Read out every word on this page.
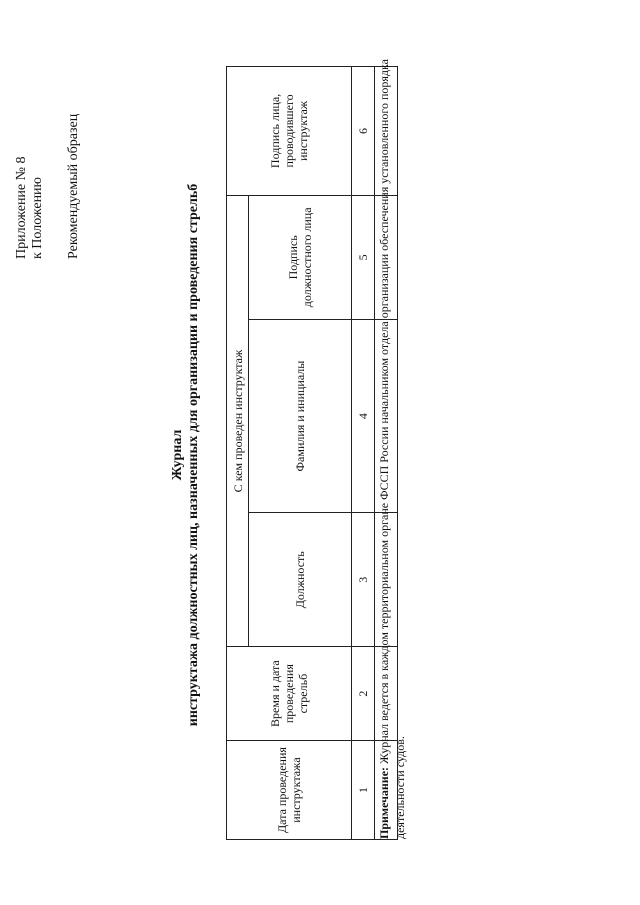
Приложение № 8 к Положению Рекомендуемый образец
Журнал инструктажа должностных лиц, назначенных для организации и проведения стрельб
Дата проведения инструктажа	Время и дата проведения стрельб	С кем проведен инструктаж			Подпись лица, проводившего инструктаж
		Должность	Фамилия и инициалы	Подпись должностного лица	
1	2	3	4	5	6

Примечание: Журнал ведется в каждом территориальном органе ФССП России начальником отдела организации обеспечения установленного порядка деятельности судов.
